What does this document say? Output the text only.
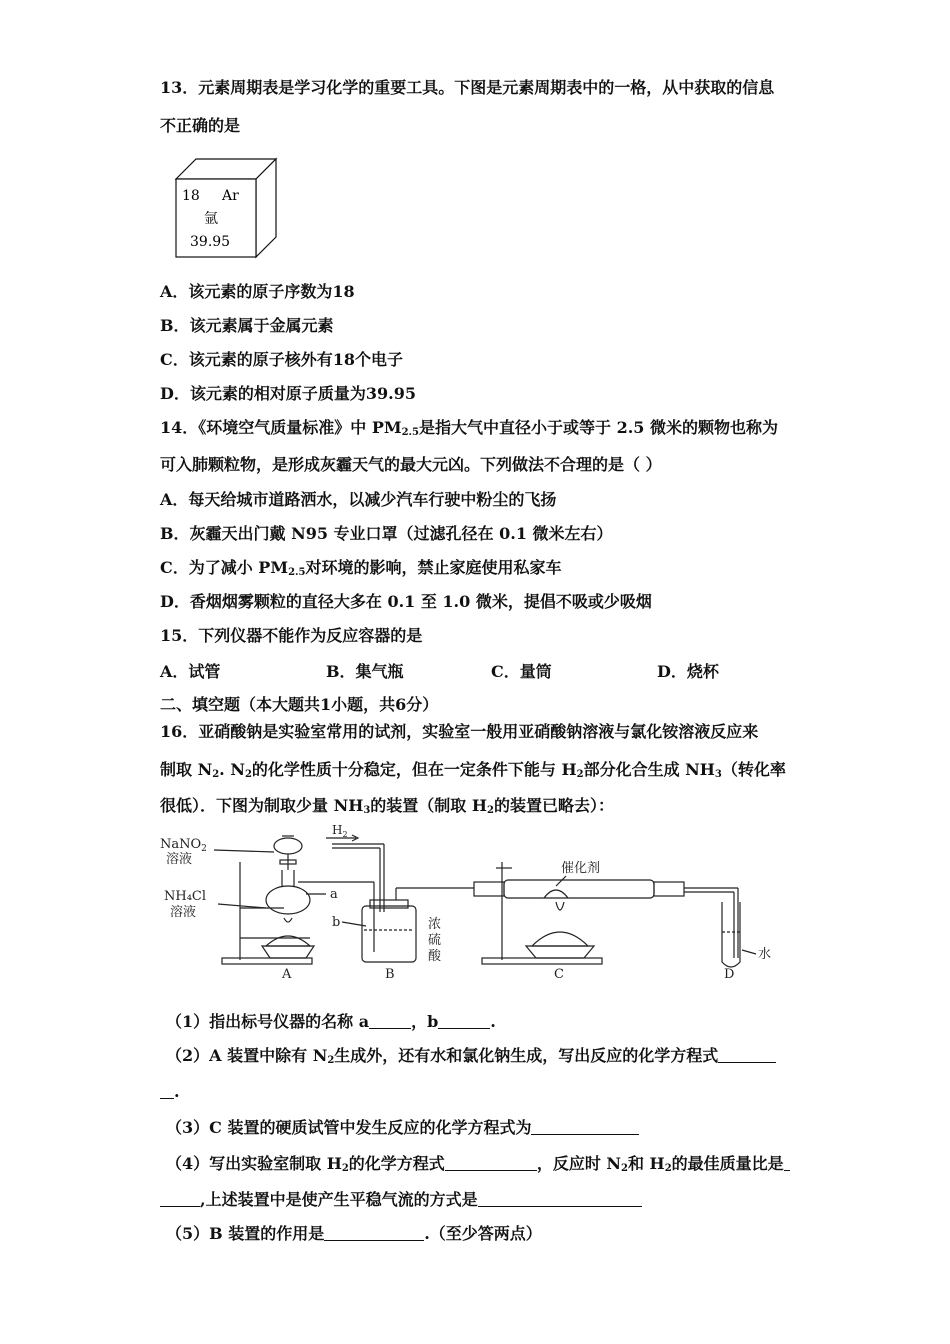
13．元素周期表是学习化学的重要工具。下图是元素周期表中的一格，从中获取的信息
不正确的是
18 Ar
氩
39.95
A．该元素的原子序数为18
B．该元素属于金属元素
C．该元素的原子核外有18个电子
D．该元素的相对原子质量为39.95
14．《环境空气质量标准》中 $PM_{2.5}$是指大气中直径小于或等于 2.5 微米的颗物也称为
可入肺颗粒物，是形成灰霾天气的最大元凶。下列做法不合理的是（ ）
A．每天给城市道路洒水，以减少汽车行驶中粉尘的飞扬
B．灰霾天出门戴 N95 专业口罩（过滤孔径在 0.1 微米左右）
C．为了减小 $PM_{2.5}$对环境的影响，禁止家庭使用私家车
D．香烟烟雾颗粒的直径大多在 0.1 至 1.0 微米，提倡不吸或少吸烟
15．下列仪器不能作为反应容器的是
A．试管	B．集气瓶	C．量筒	D．烧杯
二、填空题（本大题共1小题，共6分）
16．亚硝酸钠是实验室常用的试剂，实验室一般用亚硝酸钠溶液与氯化铵溶液反应来
制取 $N_2$. $N_2$的化学性质十分稳定，但在一定条件下能与 $H_2$部分化合生成 $NH_3$（转化率
很低）．下图为制取少量 $NH_3$的装置（制取 $H_2$的装置已略去）：
NaNO$_2$
溶液
NH₄Cl
溶液
a
$H_2$
b	浓
硫
酸
催化剂
水
A	B	C	D
（1）指出标号仪器的名称 a	，b	.
（2）A 装置中除有 $N_2$生成外，还有水和氯化钠生成，写出反应的化学方程式
.
（3）C 装置的硬质试管中发生反应的化学方程式为
（4）写出实验室制取 $H_2$的化学方程式	，反应时 $N_2$和 $H_2$的最佳质量比是
,上述装置中是使产生平稳气流的方式是
（5）B 装置的作用是	.（至少答两点）
